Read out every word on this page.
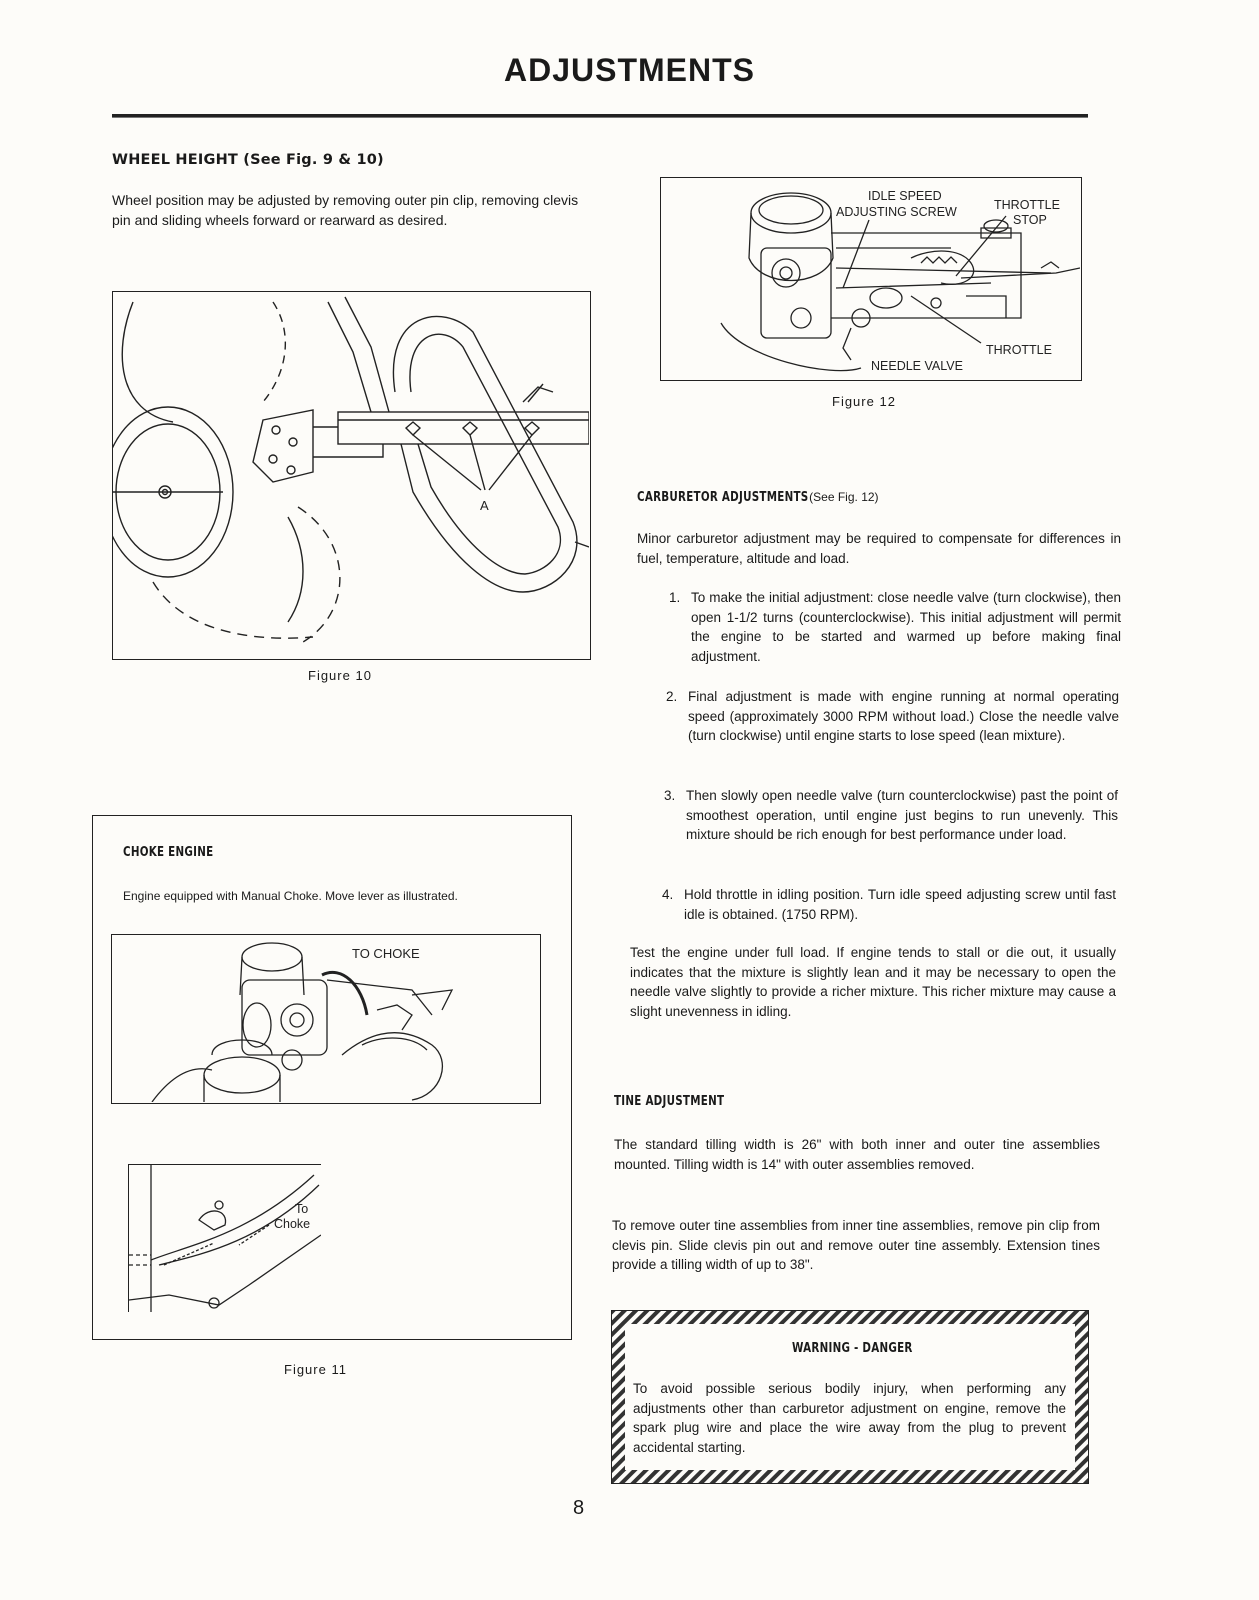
ADJUSTMENTS
WHEEL HEIGHT (See Fig. 9 & 10)
Wheel position may be adjusted by removing outer pin clip, removing clevis pin and sliding wheels forward or rearward as desired.
A
Figure 10
IDLE SPEED
ADJUSTING SCREW	THROTTLE
STOP
THROTTLE
NEEDLE VALVE
Figure 12
CARBURETOR ADJUSTMENTS (See Fig. 12)
Minor carburetor adjustment may be required to compensate for differences in fuel, temperature, altitude and load.
1. To make the initial adjustment: close needle valve (turn clockwise), then open 1-1/2 turns (counterclockwise). This initial adjustment will permit the engine to be started and warmed up before making final adjustment.
2. Final adjustment is made with engine running at normal operating speed (approximately 3000 RPM without load.) Close the needle valve (turn clockwise) until engine starts to lose speed (lean mixture).
3. Then slowly open needle valve (turn counterclockwise) past the point of smoothest operation, until engine just begins to run unevenly. This mixture should be rich enough for best performance under load.
4. Hold throttle in idling position. Turn idle speed adjusting screw until fast idle is obtained. (1750 RPM).
Test the engine under full load. If engine tends to stall or die out, it usually indicates that the mixture is slightly lean and it may be necessary to open the needle valve slightly to provide a richer mixture. This richer mixture may cause a slight unevenness in idling.
CHOKE ENGINE
Engine equipped with Manual Choke. Move lever as illustrated.
TO CHOKE
To
Choke
Figure 11
TINE ADJUSTMENT
The standard tilling width is 26" with both inner and outer tine assemblies mounted. Tilling width is 14" with outer assemblies removed.
To remove outer tine assemblies from inner tine assemblies, remove pin clip from clevis pin. Slide clevis pin out and remove outer tine assembly. Extension tines provide a tilling width of up to 38".
WARNING - DANGER
To avoid possible serious bodily injury, when performing any adjustments other than carburetor adjustment on engine, remove the spark plug wire and place the wire away from the plug to prevent accidental starting.
8
